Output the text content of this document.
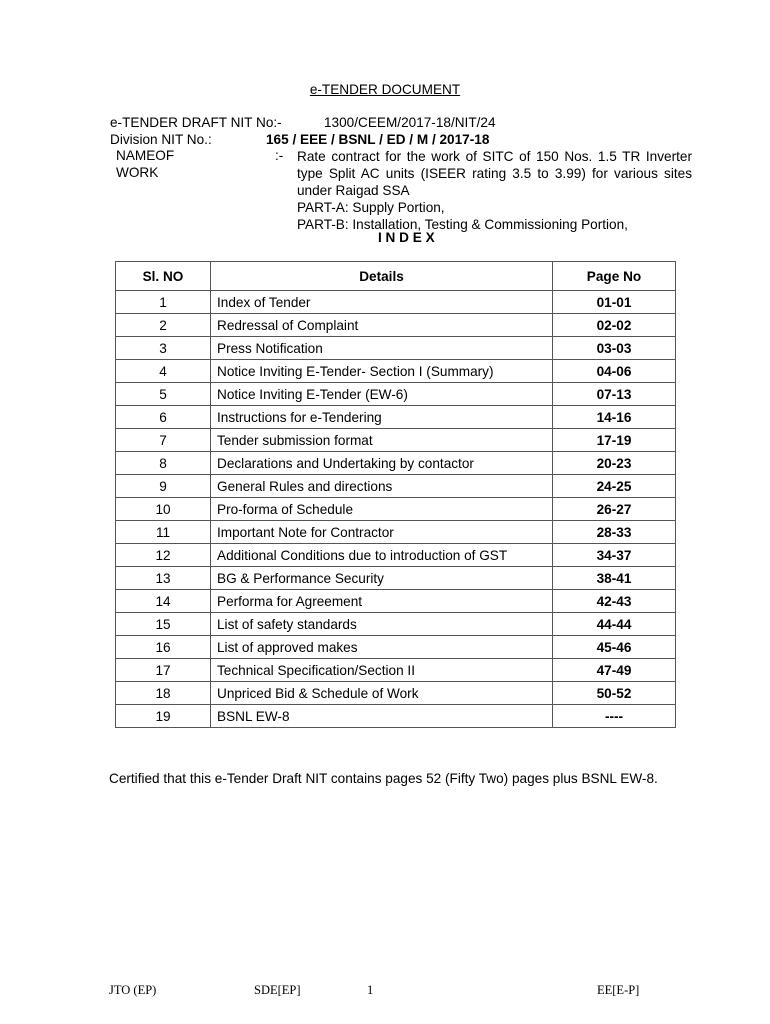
e-TENDER DOCUMENT
e-TENDER DRAFT NIT No:-	1300/CEEM/2017-18/NIT/24
Division NIT No.:	165 / EEE / BSNL / ED / M / 2017-18
NAMEOF
WORK
:- Rate contract for the work of SITC of 150 Nos. 1.5 TR Inverter
type Split AC units (ISEER rating 3.5 to 3.99) for various sites
under Raigad SSA
PART-A: Supply Portion,
PART-B: Installation, Testing & Commissioning Portion,
I N D E X
Sl. NO	Details	Page No
1	Index of Tender	01-01
2	Redressal of Complaint	02-02
3	Press Notification	03-03
4	Notice Inviting E-Tender- Section I (Summary)	04-06
5	Notice Inviting E-Tender (EW-6)	07-13
6	Instructions for e-Tendering	14-16
7	Tender submission format	17-19
8	Declarations and Undertaking by contactor	20-23
9	General Rules and directions	24-25
10	Pro-forma of Schedule	26-27
11	Important Note for Contractor	28-33
12	Additional Conditions due to introduction of GST	34-37
13	BG & Performance Security	38-41
14	Performa for Agreement	42-43
15	List of safety standards	44-44
16	List of approved makes	45-46
17	Technical Specification/Section II	47-49
18	Unpriced Bid & Schedule of Work	50-52
19	BSNL EW-8	----
Certified that this e-Tender Draft NIT contains pages 52 (Fifty Two) pages plus BSNL EW-8.
JTO (EP)	SDE[EP]	1	EE[E-P]
